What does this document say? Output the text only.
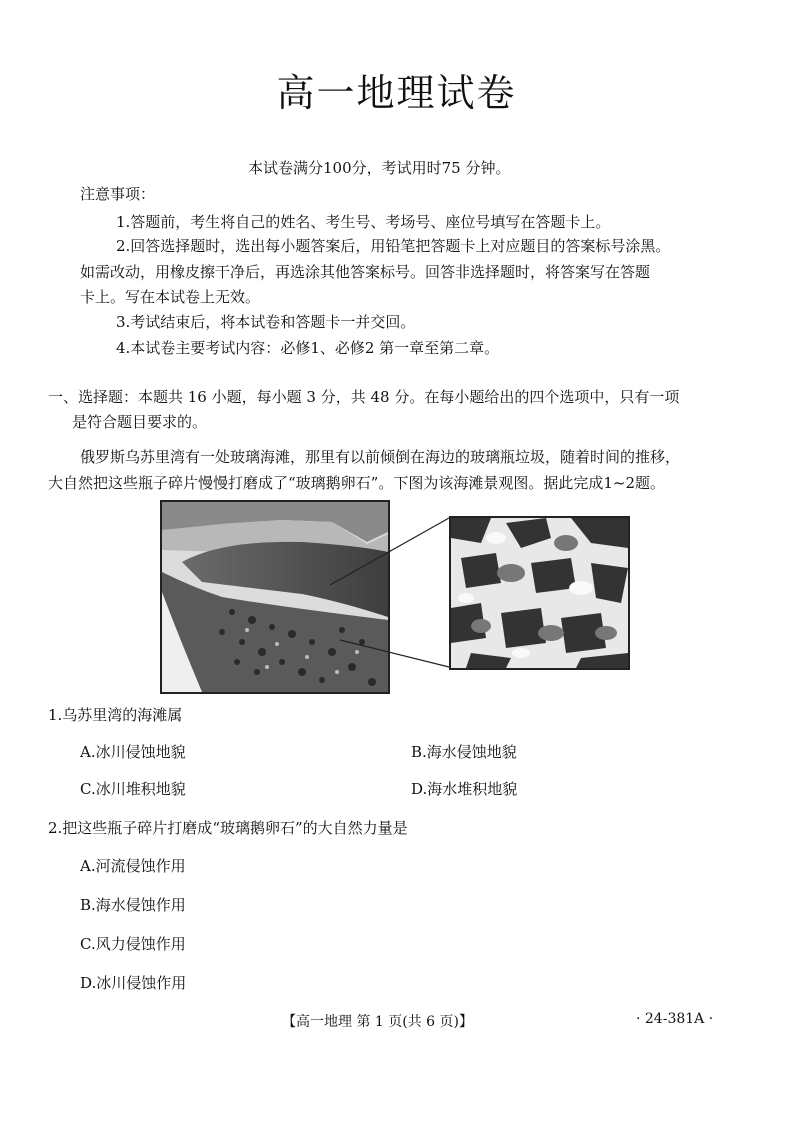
高一地理试卷
本试卷满分100分，考试用时75 分钟。
注意事项：
1.答题前，考生将自己的姓名、考生号、考场号、座位号填写在答题卡上。
2.回答选择题时，选出每小题答案后，用铅笔把答题卡上对应题目的答案标号涂黑。
如需改动，用橡皮擦干净后，再选涂其他答案标号。回答非选择题时，将答案写在答题
卡上。写在本试卷上无效。
3.考试结束后，将本试卷和答题卡一并交回。
4.本试卷主要考试内容：必修1、必修2 第一章至第二章。
一、选择题：本题共 16 小题，每小题 3 分，共 48 分。在每小题给出的四个选项中，只有一项
是符合题目要求的。
俄罗斯乌苏里湾有一处玻璃海滩，那里有以前倾倒在海边的玻璃瓶垃圾，随着时间的推移，
大自然把这些瓶子碎片慢慢打磨成了“玻璃鹅卵石”。下图为该海滩景观图。据此完成1~2题。
1.乌苏里湾的海滩属
A.冰川侵蚀地貌	B.海水侵蚀地貌
C.冰川堆积地貌	D.海水堆积地貌
2.把这些瓶子碎片打磨成“玻璃鹅卵石”的大自然力量是
A.河流侵蚀作用
B.海水侵蚀作用
C.风力侵蚀作用
D.冰川侵蚀作用
【高一地理 第 1 页(共 6 页)】	· 24-381A ·
